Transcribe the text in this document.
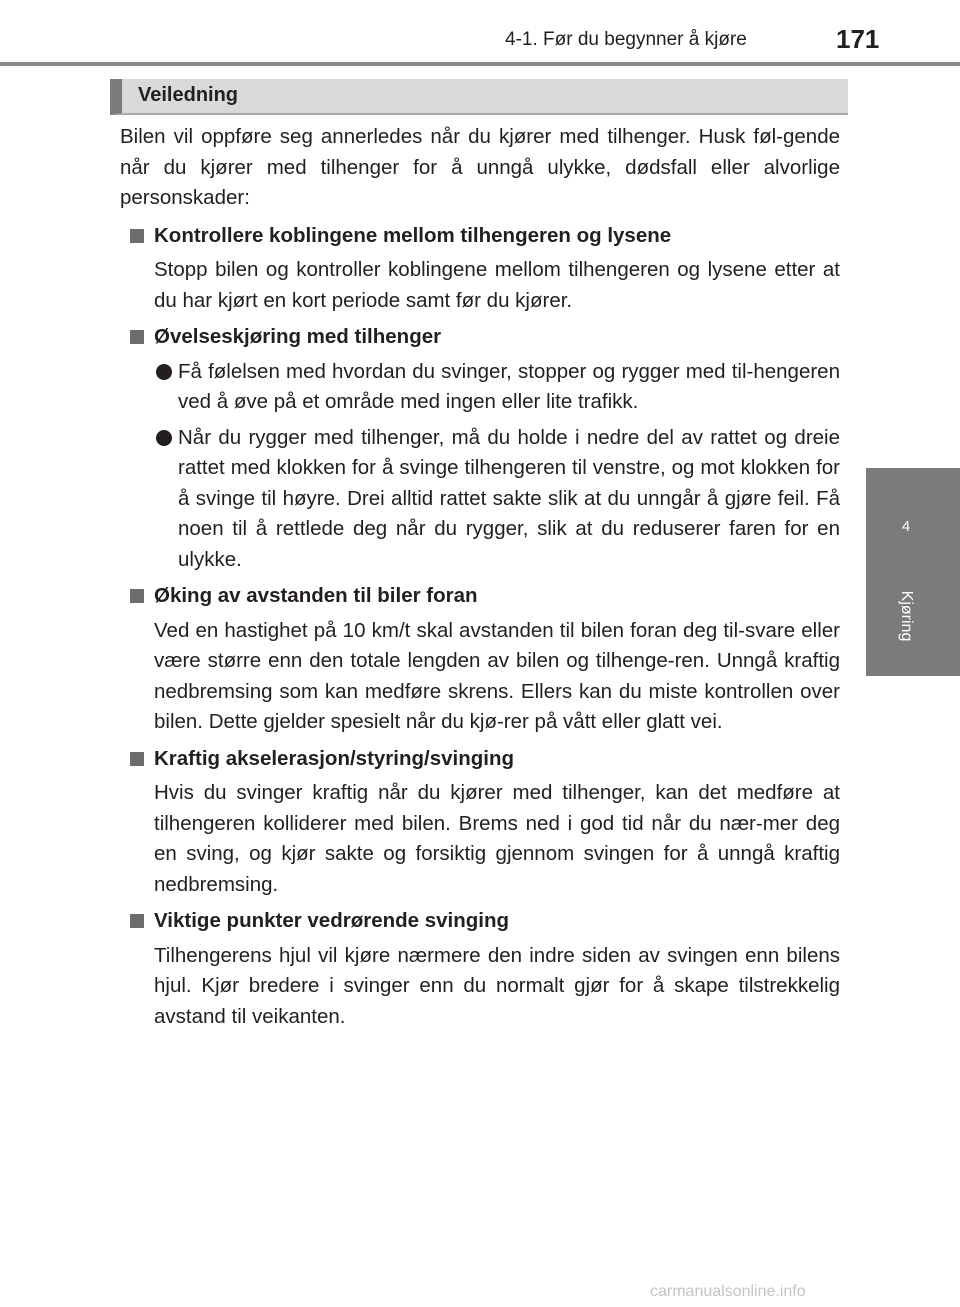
4-1. Før du begynner å kjøre	171
4
Kjøring
Veiledning

Bilen vil oppføre seg annerledes når du kjører med tilhenger. Husk føl-gende når du kjører med tilhenger for å unngå ulykke, dødsfall eller alvorlige personskader:

Kontrollere koblingene mellom tilhengeren og lysene

Stopp bilen og kontroller koblingene mellom tilhengeren og lysene etter at du har kjørt en kort periode samt før du kjører.

Øvelseskjøring med tilhenger

Få følelsen med hvordan du svinger, stopper og rygger med til-hengeren ved å øve på et område med ingen eller lite trafikk.

Når du rygger med tilhenger, må du holde i nedre del av rattet og dreie rattet med klokken for å svinge tilhengeren til venstre, og mot klokken for å svinge til høyre. Drei alltid rattet sakte slik at du unngår å gjøre feil. Få noen til å rettlede deg når du rygger, slik at du reduserer faren for en ulykke.

Øking av avstanden til biler foran

Ved en hastighet på 10 km/t skal avstanden til bilen foran deg til-svare eller være større enn den totale lengden av bilen og tilhenge-ren. Unngå kraftig nedbremsing som kan medføre skrens. Ellers kan du miste kontrollen over bilen. Dette gjelder spesielt når du kjø-rer på vått eller glatt vei.

Kraftig akselerasjon/styring/svinging

Hvis du svinger kraftig når du kjører med tilhenger, kan det medføre at tilhengeren kolliderer med bilen. Brems ned i god tid når du nær-mer deg en sving, og kjør sakte og forsiktig gjennom svingen for å unngå kraftig nedbremsing.

Viktige punkter vedrørende svinging

Tilhengerens hjul vil kjøre nærmere den indre siden av svingen enn bilens hjul. Kjør bredere i svinger enn du normalt gjør for å skape tilstrekkelig avstand til veikanten.

carmanualsonline.info
